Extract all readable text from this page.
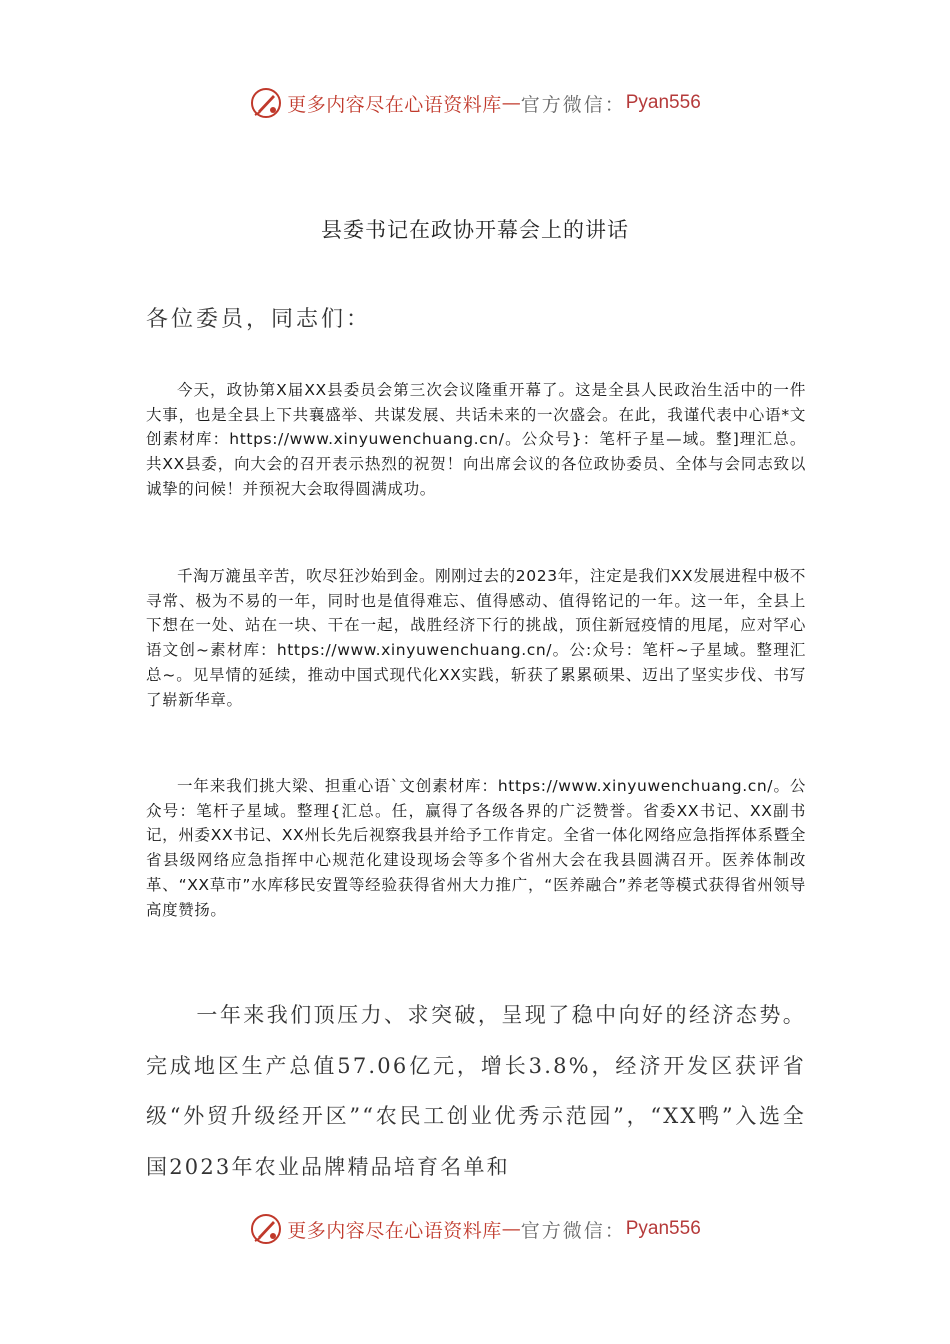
更多内容尽在心语资料库 — 官方微信： Pyan556
县委书记在政协开幕会上的讲话
各位委员，同志们：

今天，政协第X届XX县委员会第三次会议隆重开幕了。这是全县人民政治生活中的一件大事，也是全县上下共襄盛举、共谋发展、共话未来的一次盛会。在此，我谨代表中心语*文创素材库：https://www.xinyuwenchuang.cn/。公众号}：笔杆子星—域。整]理汇总。共XX县委，向大会的召开表示热烈的祝贺！向出席会议的各位政协委员、全体与会同志致以诚挚的问候！并预祝大会取得圆满成功。

千淘万漉虽辛苦，吹尽狂沙始到金。刚刚过去的2023年，注定是我们XX发展进程中极不寻常、极为不易的一年，同时也是值得难忘、值得感动、值得铭记的一年。这一年，全县上下想在一处、站在一块、干在一起，战胜经济下行的挑战，顶住新冠疫情的甩尾，应对罕心语文创~素材库：https://www.xinyuwenchuang.cn/。公:众号：笔杆~子星域。整理汇总~。见旱情的延续，推动中国式现代化XX实践，斩获了累累硕果、迈出了坚实步伐、书写了崭新华章。

一年来我们挑大梁、担重心语`文创素材库：https://www.xinyuwenchuang.cn/。公众号：笔杆子星域。整理{汇总。任，赢得了各级各界的广泛赞誉。省委XX书记、XX副书记，州委XX书记、XX州长先后视察我县并给予工作肯定。全省一体化网络应急指挥体系暨全省县级网络应急指挥中心规范化建设现场会等多个省州大会在我县圆满召开。医养体制改革、“XX草市”水库移民安置等经验获得省州大力推广，“医养融合”养老等模式获得省州领导高度赞扬。

一年来我们顶压力、求突破，呈现了稳中向好的经济态势。完成地区生产总值57.06亿元，增长3.8%，经济开发区获评省级“外贸升级经开区”“农民工创业优秀示范园”，“XX鸭”入选全国2023年农业品牌精品培育名单和

更多内容尽在心语资料库 — 官方微信： Pyan556
